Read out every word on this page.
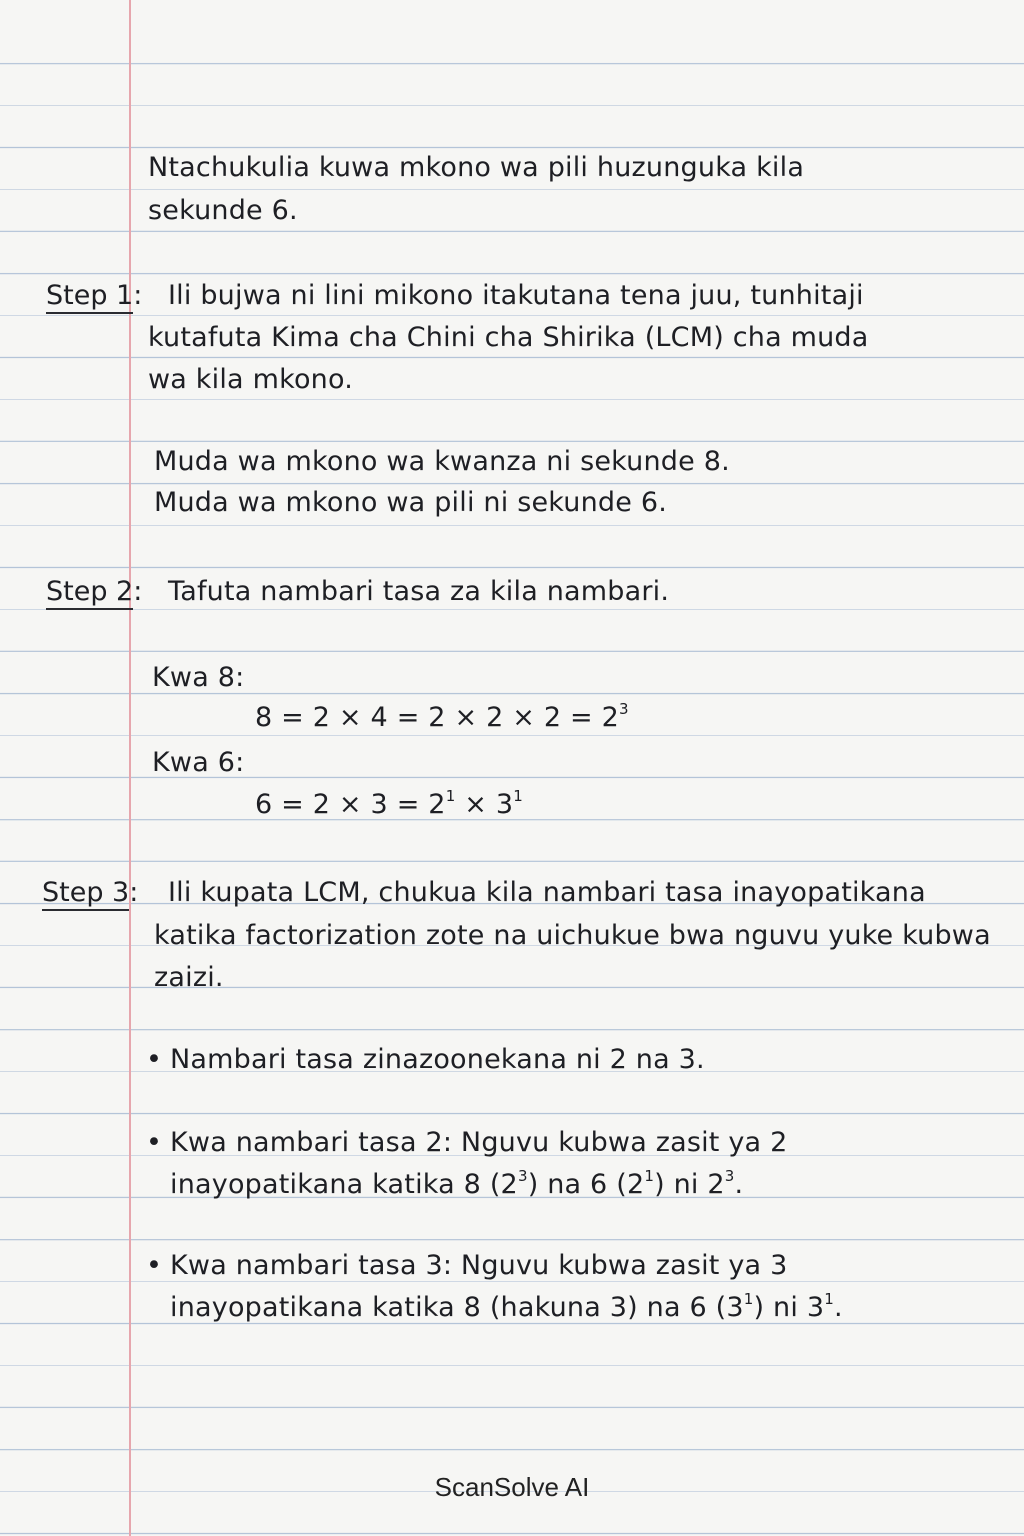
Ntachukulia kuwa mkono wa pili huzunguka kila
sekunde 6.
Step 1: Ili bujwa ni lini mikono itakutana tena juu, tunhitaji
kutafuta Kima cha Chini cha Shirika (LCM) cha muda
wa kila mkono.
Muda wa mkono wa kwanza ni sekunde 8.
Muda wa mkono wa pili ni sekunde 6.
Step 2: Tafuta nambari tasa za kila nambari.
Kwa 8:
$8 = 2 \times 4 = 2 \times 2 \times 2 = 2^3$
Kwa 6:
$6 = 2 \times 3 = 2^1 \times 3^1$
Step 3: Ili kupata LCM, chukua kila nambari tasa inayopatikana
katika factorization zote na uichukue bwa nguvu yuke kubwa
zaizi.
• Nambari tasa zinazoonekana ni 2 na 3.
• Kwa nambari tasa 2: Nguvu kubwa zasit ya 2
inayopatikana katika 8 $(2^3)$ na 6 $(2^1)$ ni $2^3$.
• Kwa nambari tasa 3: Nguvu kubwa zasit ya 3
inayopatikana katika 8 (hakuna 3) na 6 $(3^1)$ ni $3^1$.
ScanSolve AI
